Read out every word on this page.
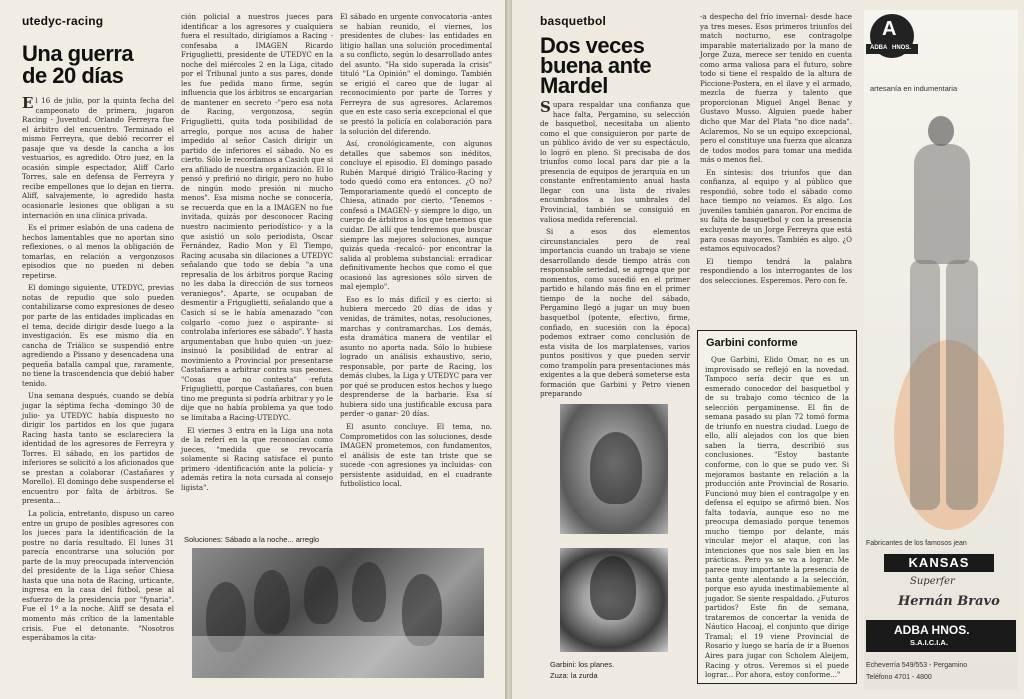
utedyc-racing
Una guerra
de 20 días

El 16 de julio, por la quinta fecha del campeonato de primera, jugaron Racing - Juventud. Orlando Ferreyra fue el árbitro del encuentro. Terminado el mismo Ferreyra, que debió recorrer el pasaje que va desde la cancha a los vestuarios, es agredido. Otro juez, en la ocasión simple espectador, Aliff Carlo Torres, sale en defensa de Ferreyra y recibe empellones que lo dejan en tierra. Aliff, salvajemente, lo agredido hasta ocasionarle lesiones que obligan a su internación en una clínica privada.

Es el primer eslabón de una cadena de hechos lamentables que no aportan sino reflexiones, o al menos la obligación de tomarlas, en relación a vergonzosos episodios que no pueden ni deben repetirse.

El domingo siguiente, UTEDYC, previas notas de repudio que solo pueden contabilizarse como expresiones de deseo por parte de las entidades implicadas en el tema, decide dirigir desde luego a la investigación. Es ese mismo día en cancha de Triálico se suspendió entre agrediendo a Pissano y desencadena una pequeña batalla campal que, raramente, no tiene la trascendencia que debió haber tenido.

Una semana después, cuando se debía jugar la séptima fecha -domingo 30 de julio- ya UTEDYC había dispuesto no dirigir los partidos en los que jugara Racing hasta tanto se esclareciera la identidad de los agresores de Ferreyra y Torres. El sábado, en los partidos de inferiores se solicitó a los aficionados que se prestan a colaborar (Castañares y Morello). El domingo debe suspenderse el encuentro por falta de árbitros. Se presenta...

La policía, entretanto, dispuso un careo entre un grupo de posibles agresores con los jueces para la identificación de la postre no daría resultado. El lunes 31 parecía encontrarse una solución por parte de la muy preocupada intervención del presidente de la Liga señor Chiesa hasta que una nota de Racing, urticante, ingresa en la casa del fútbol, pese al esfuerzo de la presidencia por "fynaria". Fue el 1º a la noche. Aliff se desata el momento más crítico de la lamentable crisis. Fue el detonante. "Nosotros esperábamos la cita-

ción policial a nuestros jueces para identificar a los agresores y cualquiera fuera el resultado, dirigíamos a Racing -confesaba a IMAGEN Ricardo Friguglietti, presidente de UTEDYC en la noche del miércoles 2 en la Liga, citado por el Tribunal junto a sus pares, donde les fue pedida mano firme, según influencia que los árbitros se encargarían de mantener en secreto -"pero esa nota de Racing, vergonzosa, según Friguglietti, quita toda posibilidad de arreglo, porque nos acusa de haber impedido al señor Casich dirigir un partido de inferiores el sábado. No es cierto. Sólo le recordamos a Casich que si era afiliado de nuestra organización. El lo pensó y prefirió no dirigir, pero no hubo de ningún modo presión ni mucho menos". Esa misma noche se conocería, se recuerda que en la a IMAGEN no fue invitada, quizás por desconocer Racing nuestro nacimiento periodístico- y a la que asistió un solo periodista, Oscar Fernández, Radio Mon y El Tiempo, Racing acusaba sin dilaciones a UTEDYC señalando que todo se debía "a una represalia de los árbitros porque Racing no les daba la dirección de sus torneos veraniegos". Aparte, se ocupaban de desmentir a Friguglietti, señalando que a Casich sí se le había amenazado "con colgarlo -como juez o aspirante- si controlaba inferiores ese sábado". Y hasta argumentaban que hubo quien -un juez- insinuó la posibilidad de entrar al movimiento a Provincial por presentarse Castañares a arbitrar contra sus peones. "Cosas que no contesta" -refuta Friguglietti, porque Castañares, con buen tino me pregunta si podría arbitrar y yo le dije que no había problema ya que todo se limitaba a Racing-UTEDYC.

El viernes 3 entra en la Liga una nota de la referí en la que reconocían como jueces, "medida que se revocaría solamente si Racing satisface el punto primero -identificación ante la policía- y además retira la nota cursada al consejo ligista".

El sábado en urgente convocatoria -antes se habían reunido, el viernes, los presidentes de clubes- las entidades en litigio hallan una solución procedimental a su conflicto, según lo desarrollado antes del asunto. "Ha sido superada la crisis" tituló "La Opinión" el domingo. También se erigió el careo que de lugar al reconocimiento por parte de Torres y Ferreyra de sus agresores. Aclaremos que en este caso sería excepcional el que se prestó la policía en colaboración para la solución del diferendo.

Así, cronológicamente, con algunos detalles que sabemos son inéditos, concluye el episodio. El domingo pasado Rubén Marqué dirigió Trálico-Racing y todo quedó como era entonces. ¿O no? Temporariamente quedó el concepto de Chiesa, atinado por cierto. "Tenemos -confesó a IMAGEN- y siempre lo digo, un cuerpo de árbitros a los que tenemos que cuidar. De allí que tendremos que buscar siempre las mejores soluciones, aunque quizás queda -recalcó- por encontrar la salida al problema substancial: erradicar definitivamente hechos que como el que ocasionó las agresiones sólo sirven de mal ejemplo".

Eso es lo más difícil y es cierto: si hubiera mercedo 20 días de idas y venidas, de trámites, notas, resoluciones, marchas y contramarchas. Los demás, esta dramática manera de ventilar el asunto no aporta nada. Sólo lo hubiese logrado un análisis exhaustivo, serio, responsable, por parte de Racing, los demás clubes, la Liga y UTEDYC para ver por qué se producen estos hechos y luego desprenderse de la barbarie. Esa sí hubiera sido una justificable excusa para perder -o ganar- 20 días.

El asunto concluye. El tema, no. Comprometidos con las soluciones, desde IMAGEN prometemos, con fundamentos, el análisis de este tan triste que se sucede -con agresiones ya incluidas- con persistente asiduidad, en el cuadrante futbolístico local.

Soluciones: Sábado a la noche... arreglo
basquetbol
Dos veces
buena ante
Mardel

Supara respaldar una confianza que hace falta, Pergamino, su selección de basquetbol, necesitaba un aliento como el que consiguieron por parte de un público ávido de ver su espectáculo, lo logró en pleno. Si precisaba de dos triunfos como local para dar pie a la presencia de equipos de jerarquía en un constante enfrentamiento anual hasta llegar con una lista de rivales encumbrados a los umbrales del Provincial, también se consiguió en valiosa medida referencial.

Si a esos dos elementos circunstanciales pero de real importancia cuando un trabajo se viene desarrollando desde tiempo atrás con responsable seriedad, se agrega que por momentos, como sucedió en el primer partido e hilando más fino en el primer tiempo de la noche del sábado, Pergamino llegó a jugar un muy buen basquetbol (potente, efectivo, firme, confiado, en sucesión con la época) podemos extraer como conclusión de esta visita de los marplatenses, varios puntos positivos y que pueden servir como trampolín para presentaciones más exigentes a la que deberá someterse esta formación que Garbini y Petro vienen preparando

-a despecho del frío invernal- desde hace ya tres meses. Esos primeros triunfos del match nocturno, ese contragolpe imparable materializado por la mano de Jorge Zuza, merece ser tenido en cuenta como arma valiosa para el futuro, sobre todo si tiene el respaldo de la altura de Piccione-Postera, en el ilave y el armado, mezcla de fuerza y talento que proporcionan Miguel Angel Benac y Gustavo Musso. Alguien puede haber dicho que Mar del Plata "no dice nada". Aclaremos, No se un equipo excepcional, pero el constituye una fuerza que alcanza de todos modos para tomar una medida más o menos fiel.

En síntesis: dos triunfos que dan confianza, al equipo y al público que respondió, sobre todo el sábado como hace tiempo no veíamos. Es algo. Los juveniles también ganaron. Por encima de su falta de basquetbol y con la presencia excluyente de un Jorge Ferreyra que está para cosas mayores. También es algo. ¿O estamos equivocados?

El tiempo tendrá la palabra respondiendo a los interrogantes de los dos selecciones. Esperemos. Pero con fe.

Garbini: los planes.
Zuza: la zurda
Garbini conforme

Que Garbini, Elido Omar, no es un improvisado se reflejó en la novedad. Tampoco sería decir que es un esmerado conocedor del basquetbol y de su trabajo como técnico de la selección pergaminense. El fin de semana pasado su plan 72 tomó forma de triunfo en nuestra ciudad. Luego de ello, allí alejados con los que bien saben la tierra, describió sus conclusiones. "Estoy bastante conforme, con lo que se pudo ver. Si mejoramos bastante en relación a la producción ante Provincial de Rosario. Funcionó muy bien el contragolpe y en defensa el equipo se afirmó bien. Nos falta todavía, aunque eso no me preocupa demasiado porque tenemos mucho tiempo por delante, más vincular mejor el ataque, con las intenciones que nos sale bien en las prácticas. Pero ya se va a lograr. Me parece muy importante la presencia de tanta gente alentando a la selección, porque eso ayuda inestimablemente al jugador. Se siente respaldado. ¿Futuros partidos? Este fin de semana, trataremos de concertar la venida de Náutico Hacoaj, el conjunto que dirige Tramal; el 19 viene Provincial de Rosario y luego se haría de ir a Buenos Aires para jugar con Scholem Aleijem, Racing y otros. Veremos si el puede lograr... Por ahora, estoy conforme..."

A
ADBA HNOS.
artesanía en indumentaria
Fabricantes de los famosos jean
KANSAS
Superfer
Hernán Bravo
ADBA HNOS.
S.A.I.C.I.A.
Echeverría 549/553 - Pergamino
Teléfono 4701 - 4800
